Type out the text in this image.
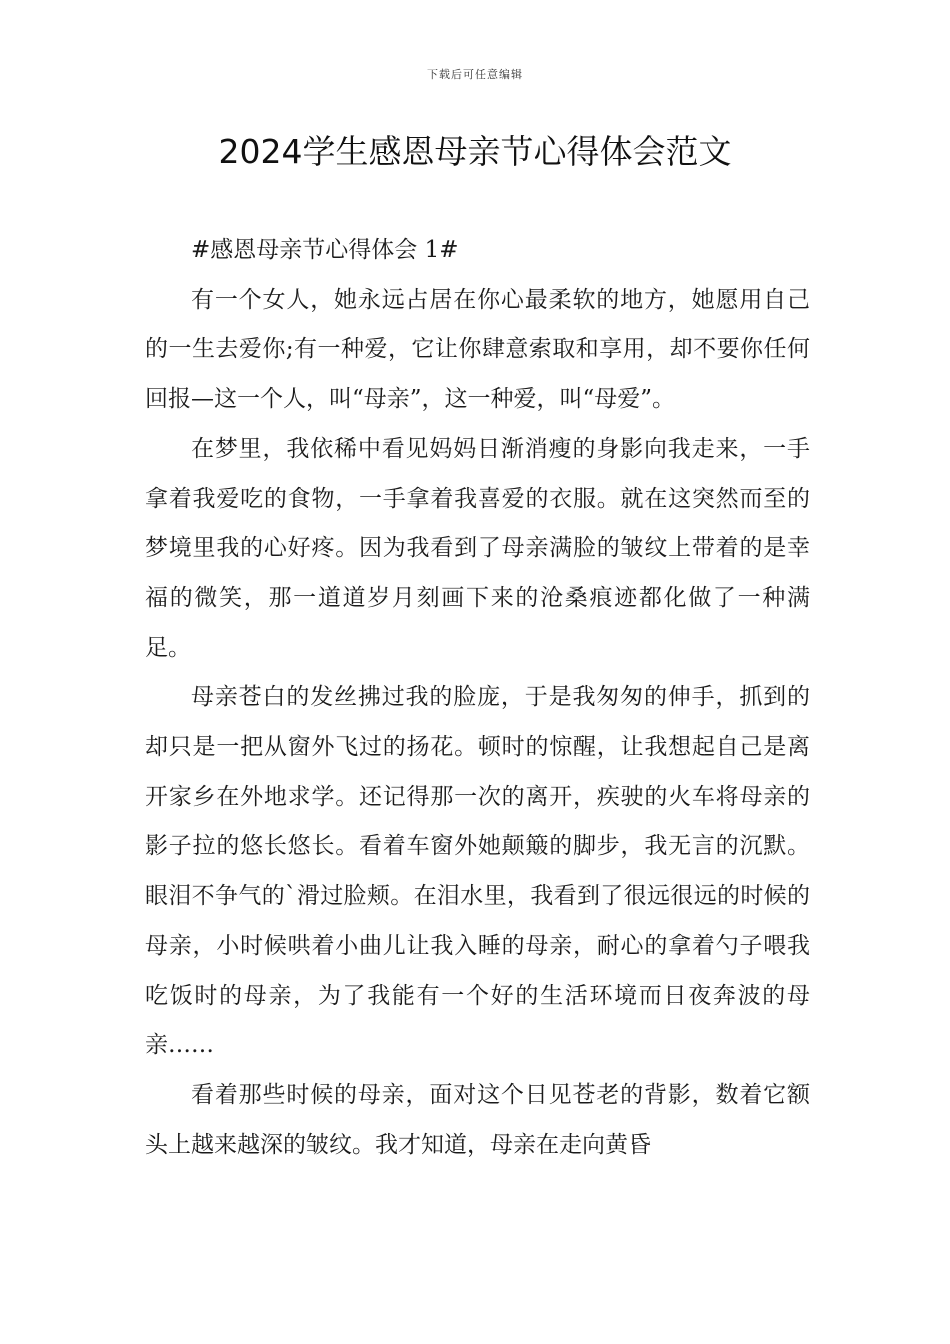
下载后可任意编辑
2024学生感恩母亲节心得体会范文

#感恩母亲节心得体会 1#

有一个女人，她永远占居在你心最柔软的地方，她愿用自己的一生去爱你;有一种爱，它让你肆意索取和享用，却不要你任何回报—这一个人，叫“母亲”，这一种爱，叫“母爱”。

在梦里，我依稀中看见妈妈日渐消瘦的身影向我走来，一手拿着我爱吃的食物，一手拿着我喜爱的衣服。就在这突然而至的梦境里我的心好疼。因为我看到了母亲满脸的皱纹上带着的是幸福的微笑，那一道道岁月刻画下来的沧桑痕迹都化做了一种满足。

母亲苍白的发丝拂过我的脸庞，于是我匆匆的伸手，抓到的却只是一把从窗外飞过的扬花。顿时的惊醒，让我想起自己是离开家乡在外地求学。还记得那一次的离开，疾驶的火车将母亲的影子拉的悠长悠长。看着车窗外她颠簸的脚步，我无言的沉默。眼泪不争气的`滑过脸颊。在泪水里，我看到了很远很远的时候的母亲，小时候哄着小曲儿让我入睡的母亲，耐心的拿着勺子喂我吃饭时的母亲，为了我能有一个好的生活环境而日夜奔波的母亲……

看着那些时候的母亲，面对这个日见苍老的背影，数着它额头上越来越深的皱纹。我才知道，母亲在走向黄昏
